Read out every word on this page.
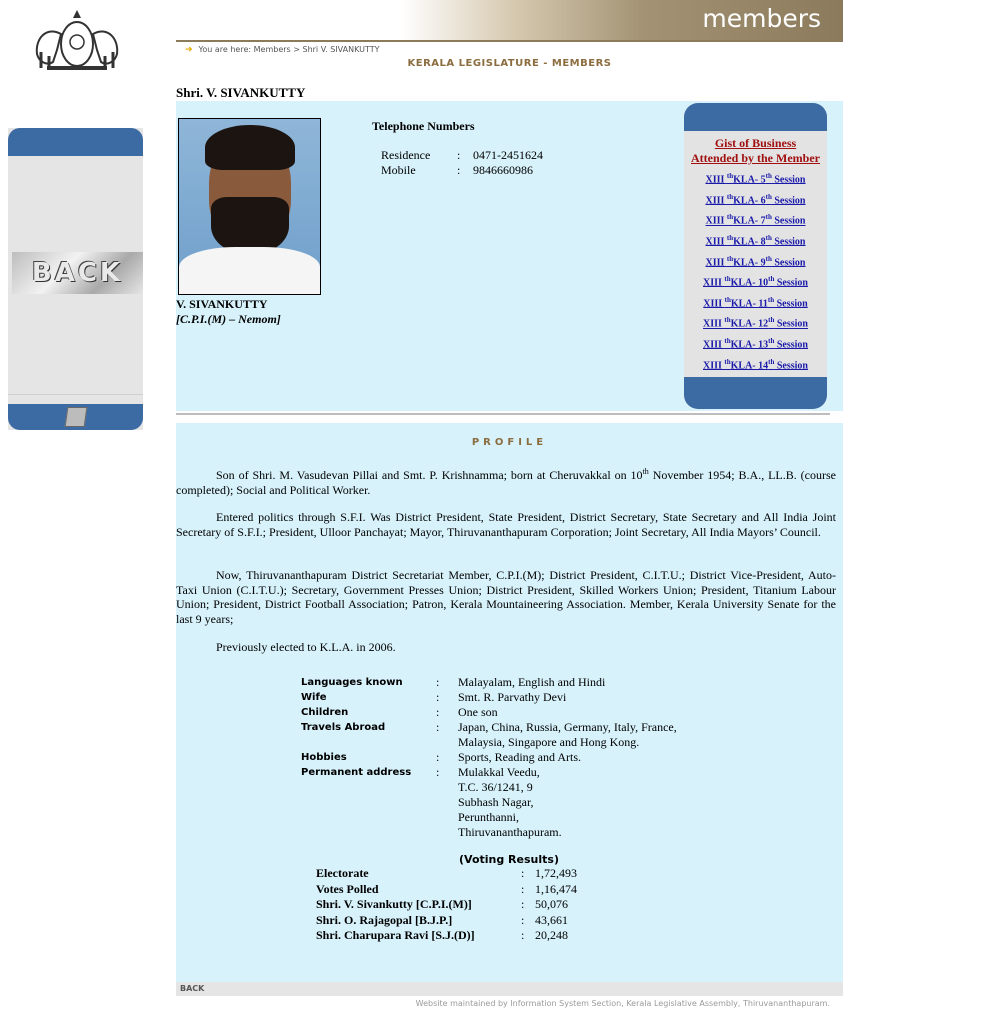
BACK
members
➜ You are here: Members > Shri V. SIVANKUTTY
KERALA LEGISLATURE - MEMBERS
Shri. V. SIVANKUTTY
V. SIVANKUTTY
[C.P.I.(M) – Nemom]
Telephone Numbers
Residence	:	0471-2451624
Mobile	:	9846660986
Gist of Business
Attended by the Member
XIII $^{th}$KLA- 5th Session
XIII $^{th}$KLA- 6th Session
XIII $^{th}$KLA- 7th Session
XIII $^{th}$KLA- 8th Session
XIII $^{th}$KLA- 9th Session
XIII $^{th}$KLA- 10th Session
XIII $^{th}$KLA- 11th Session
XIII $^{th}$KLA- 12th Session
XIII $^{th}$KLA- 13th Session
XIII $^{th}$KLA- 14th Session
PROFILE

Son of Shri. M. Vasudevan Pillai and Smt. P. Krishnamma; born at Cheruvakkal on 10th November 1954; B.A., LL.B. (course completed); Social and Political Worker.

Entered politics through S.F.I. Was District President, State President, District Secretary, State Secretary and All India Joint Secretary of S.F.I.; President, Ulloor Panchayat; Mayor, Thiruvananthapuram Corporation; Joint Secretary, All India Mayors’ Council.

Now, Thiruvananthapuram District Secretariat Member, C.P.I.(M); District President, C.I.T.U.; District Vice-President, Auto-Taxi Union (C.I.T.U.); Secretary, Government Presses Union; District President, Skilled Workers Union; President, Titanium Labour Union; President, District Football Association; Patron, Kerala Mountaineering Association. Member, Kerala University Senate for the last 9 years;

Previously elected to K.L.A. in 2006.

Languages known	:	Malayalam, English and Hindi
Wife	:	Smt. R. Parvathy Devi
Children	:	One son
Travels Abroad	:	Japan, China, Russia, Germany, Italy, France,
		Malaysia, Singapore and Hong Kong.
Hobbies	:	Sports, Reading and Arts.
Permanent address	:	Mulakkal Veedu,
		T.C. 36/1241, 9
		Subhash Nagar,
		Perunthanni,
		Thiruvananthapuram.
(Voting Results)
Electorate	:	1,72,493
Votes Polled	:	1,16,474
Shri. V. Sivankutty [C.P.I.(M)]	:	50,076
Shri. O. Rajagopal [B.J.P.]	:	43,661
Shri. Charupara Ravi [S.J.(D)]	:	20,248
BACK
Website maintained by Information System Section, Kerala Legislative Assembly, Thiruvananthapuram.
